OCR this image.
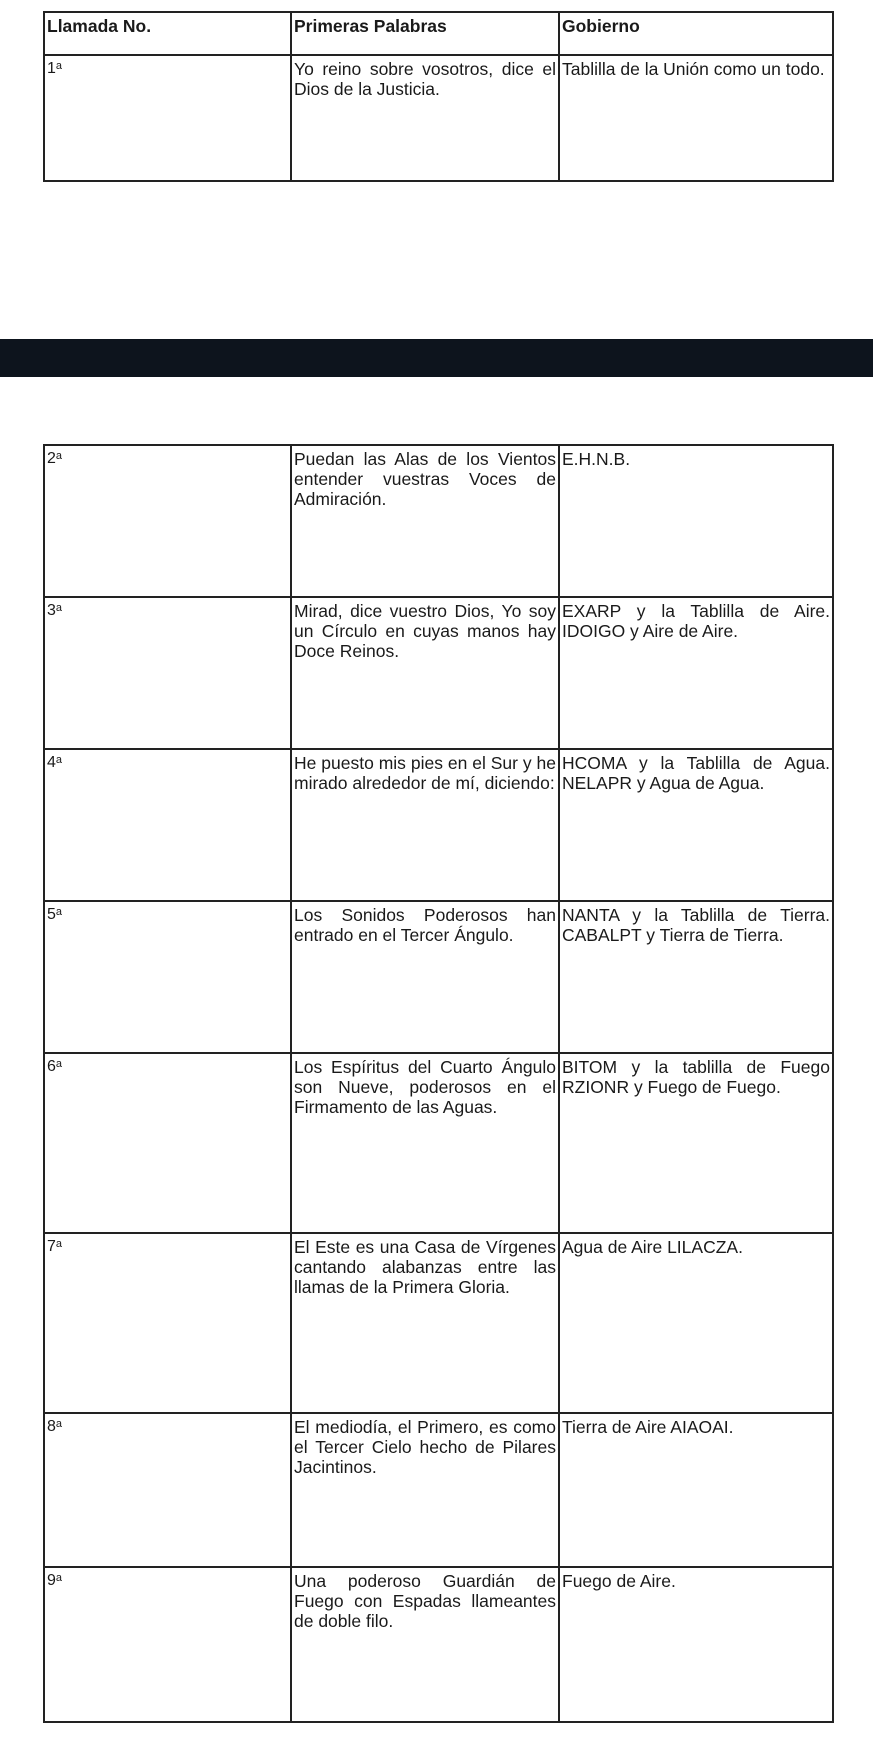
Llamada No.	Primeras Palabras	Gobierno
1$^a$	Yo reino sobre vosotros, dice el Dios de la Justicia.	Tablilla de la Unión como un todo.
2$^a$	Puedan las Alas de los Vientos entender vuestras Voces de Admiración.	E.H.N.B.
3$^a$	Mirad, dice vuestro Dios, Yo soy un Círculo en cuyas manos hay Doce Reinos.	EXARP y la Tablilla de Aire. IDOIGO y Aire de Aire.
4$^a$	He puesto mis pies en el Sur y he mirado alrededor de mí, diciendo:	HCOMA y la Tablilla de Agua. NELAPR y Agua de Agua.
5$^a$	Los Sonidos Poderosos han entrado en el Tercer Ángulo.	NANTA y la Tablilla de Tierra. CABALPT y Tierra de Tierra.
6$^a$	Los Espíritus del Cuarto Ángulo son Nueve, poderosos en el Firmamento de las Aguas.	BITOM y la tablilla de Fuego RZIONR y Fuego de Fuego.
7$^a$	El Este es una Casa de Vírgenes cantando alabanzas entre las llamas de la Primera Gloria.	Agua de Aire LILACZA.
8$^a$	El mediodía, el Primero, es como el Tercer Cielo hecho de Pilares Jacintinos.	Tierra de Aire AIAOAI.
9$^a$	Una poderoso Guardián de Fuego con Espadas llameantes de doble filo.	Fuego de Aire.
